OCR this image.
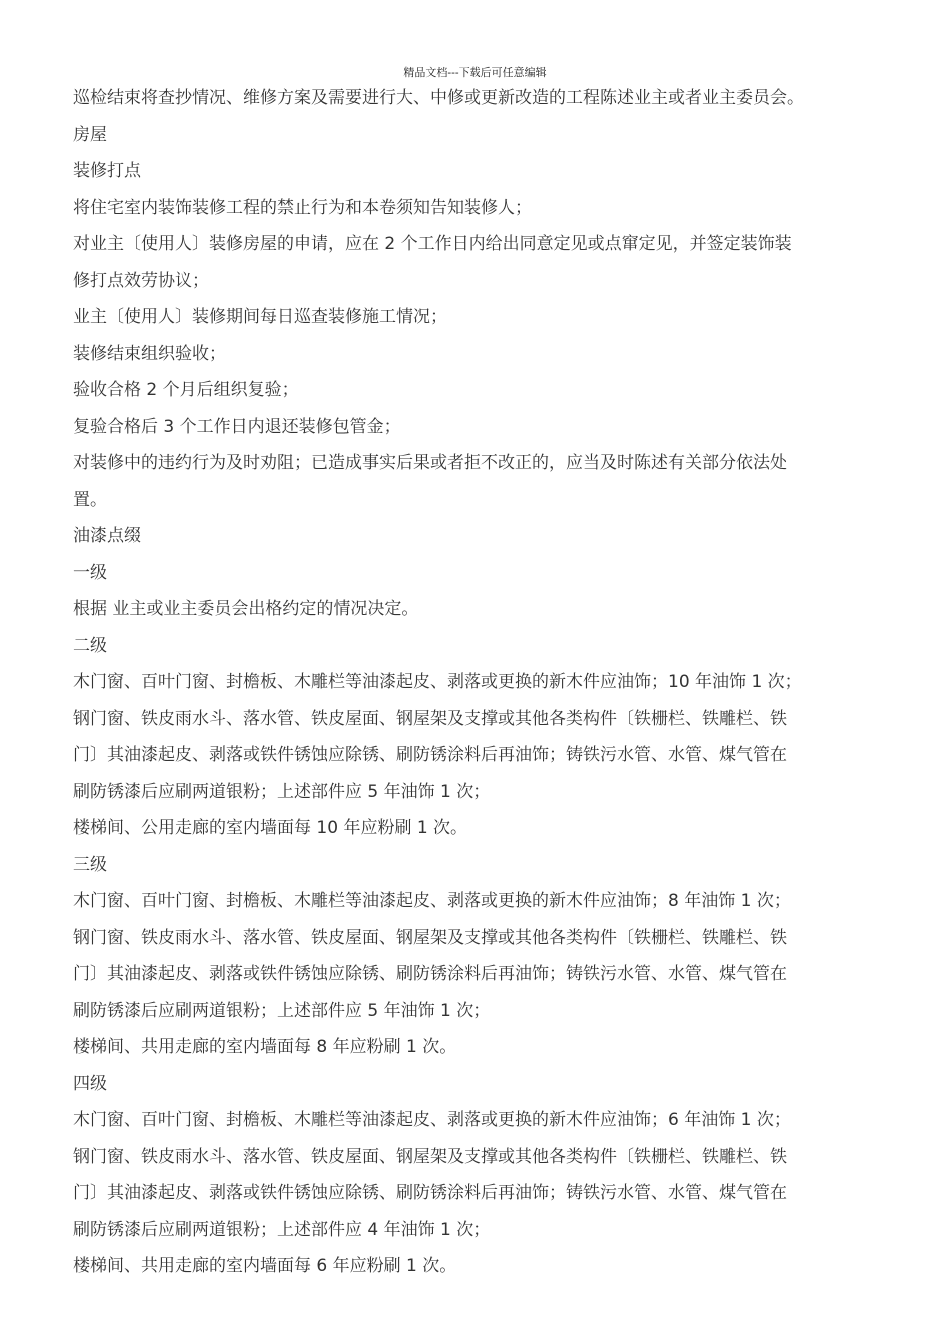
精品文档---下载后可任意编辑
巡检结束将查抄情况、维修方案及需要进行大、中修或更新改造的工程陈述业主或者业主委员会。
房屋
装修打点
将住宅室内装饰装修工程的禁止行为和本卷须知告知装修人；
对业主〔使用人〕装修房屋的申请，应在 2 个工作日内给出同意定见或点窜定见，并签定装饰装
修打点效劳协议；
业主〔使用人〕装修期间每日巡查装修施工情况；
装修结束组织验收；
验收合格 2 个月后组织复验；
复验合格后 3 个工作日内退还装修包管金；
对装修中的违约行为及时劝阻；已造成事实后果或者拒不改正的，应当及时陈述有关部分依法处
置。
油漆点缀
一级
根据 业主或业主委员会出格约定的情况决定。
二级
木门窗、百叶门窗、封檐板、木雕栏等油漆起皮、剥落或更换的新木件应油饰；10 年油饰 1 次；
钢门窗、铁皮雨水斗、落水管、铁皮屋面、钢屋架及支撑或其他各类构件〔铁栅栏、铁雕栏、铁
门〕其油漆起皮、剥落或铁件锈蚀应除锈、刷防锈涂料后再油饰；铸铁污水管、水管、煤气管在
刷防锈漆后应刷两道银粉；上述部件应 5 年油饰 1 次；
楼梯间、公用走廊的室内墙面每 10 年应粉刷 1 次。
三级
木门窗、百叶门窗、封檐板、木雕栏等油漆起皮、剥落或更换的新木件应油饰；8 年油饰 1 次；
钢门窗、铁皮雨水斗、落水管、铁皮屋面、钢屋架及支撑或其他各类构件〔铁栅栏、铁雕栏、铁
门〕其油漆起皮、剥落或铁件锈蚀应除锈、刷防锈涂料后再油饰；铸铁污水管、水管、煤气管在
刷防锈漆后应刷两道银粉；上述部件应 5 年油饰 1 次；
楼梯间、共用走廊的室内墙面每 8 年应粉刷 1 次。
四级
木门窗、百叶门窗、封檐板、木雕栏等油漆起皮、剥落或更换的新木件应油饰；6 年油饰 1 次；
钢门窗、铁皮雨水斗、落水管、铁皮屋面、钢屋架及支撑或其他各类构件〔铁栅栏、铁雕栏、铁
门〕其油漆起皮、剥落或铁件锈蚀应除锈、刷防锈涂料后再油饰；铸铁污水管、水管、煤气管在
刷防锈漆后应刷两道银粉；上述部件应 4 年油饰 1 次；
楼梯间、共用走廊的室内墙面每 6 年应粉刷 1 次。
